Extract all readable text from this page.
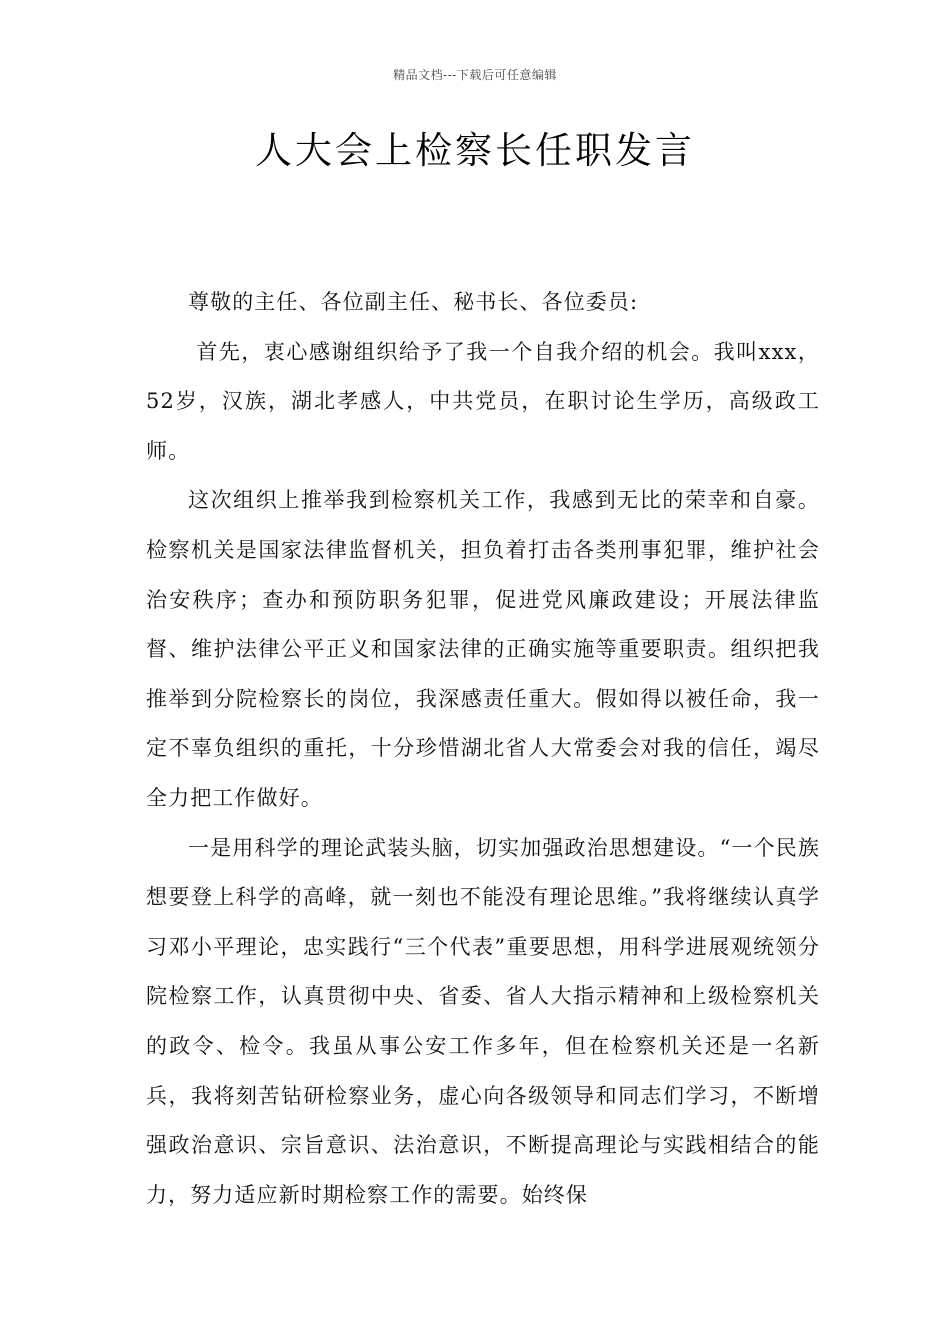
精品文档---下载后可任意编辑
人大会上检察长任职发言

尊敬的主任、各位副主任、秘书长、各位委员:

首先，衷心感谢组织给予了我一个自我介绍的机会。我叫xxx，52岁，汉族，湖北孝感人，中共党员，在职讨论生学历，高级政工师。

这次组织上推举我到检察机关工作，我感到无比的荣幸和自豪。检察机关是国家法律监督机关，担负着打击各类刑事犯罪，维护社会治安秩序；查办和预防职务犯罪，促进党风廉政建设；开展法律监督、维护法律公平正义和国家法律的正确实施等重要职责。组织把我推举到分院检察长的岗位，我深感责任重大。假如得以被任命，我一定不辜负组织的重托，十分珍惜湖北省人大常委会对我的信任，竭尽全力把工作做好。

一是用科学的理论武装头脑，切实加强政治思想建设。“一个民族想要登上科学的高峰，就一刻也不能没有理论思维。”我将继续认真学习邓小平理论，忠实践行“三个代表”重要思想，用科学进展观统领分院检察工作，认真贯彻中央、省委、省人大指示精神和上级检察机关的政令、检令。我虽从事公安工作多年，但在检察机关还是一名新兵，我将刻苦钻研检察业务，虚心向各级领导和同志们学习，不断增强政治意识、宗旨意识、法治意识，不断提高理论与实践相结合的能力，努力适应新时期检察工作的需要。始终保
